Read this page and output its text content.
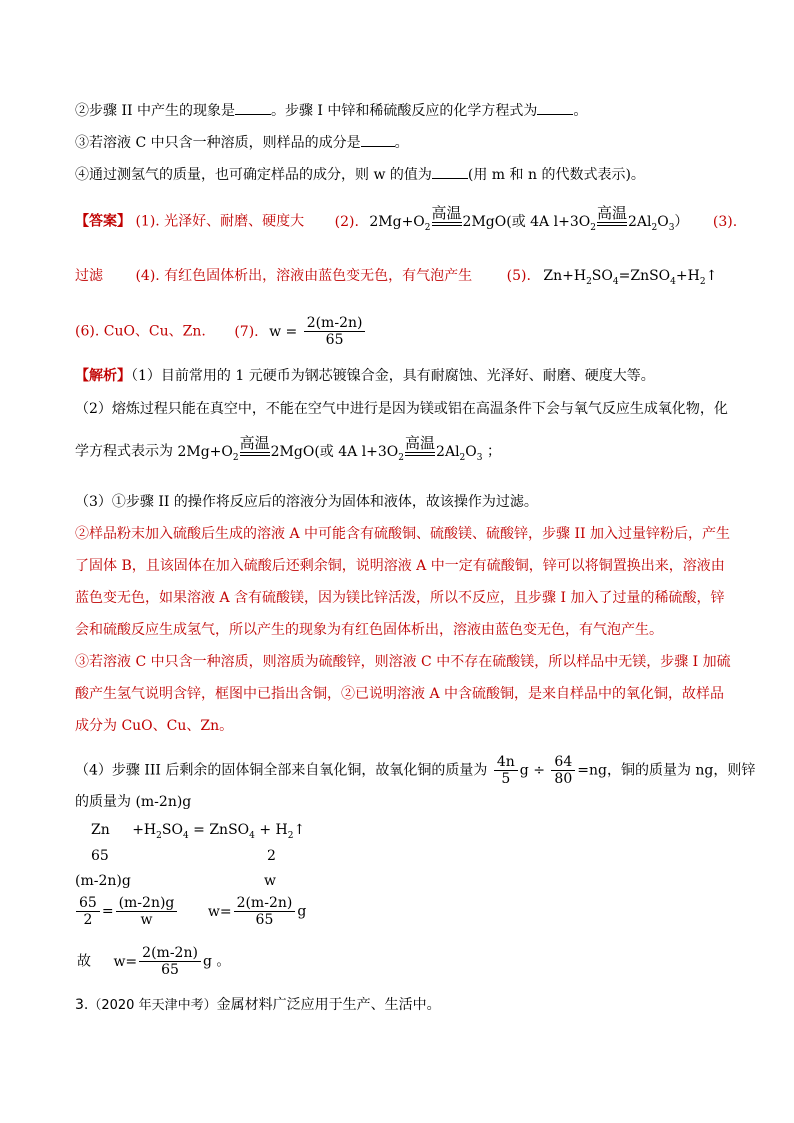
②步骤 II 中产生的现象是	。步骤 I 中锌和稀硫酸反应的化学方程式为	。
③若溶液 C 中只含一种溶质，则样品的成分是 。
④通过测氢气的质量，也可确定样品的成分，则 w 的值为	(用 m 和 n 的代数式表示)。
【答案】 (1). 光泽好、耐磨、硬度大 (2). $2Mg+O_2$
高温 2MgO(或 4A $l+3O_2$
高温 $2Al_2O_3$） (3).
过滤 (4). 有红色固体析出，溶液由蓝色变无色，有气泡产生 (5). $Zn+H_2SO_4=ZnSO_4+H_2↑$
(6). CuO、Cu、Zn. (7). $w = \frac{2(m-2n)}{65}$
【解析】（1）目前常用的 1 元硬币为钢芯镀镍合金，具有耐腐蚀、光泽好、耐磨、硬度大等。
（2）熔炼过程只能在真空中，不能在空气中进行是因为镁或铝在高温条件下会与氧气反应生成氧化物，化
学方程式表示为 $2Mg+O_2$
高温 2MgO(或 4A $l+3O_2$
高温 $2Al_2O_3$ ；
（3）①步骤 II 的操作将反应后的溶液分为固体和液体，故该操作为过滤。
②样品粉末加入硫酸后生成的溶液 A 中可能含有硫酸铜、硫酸镁、硫酸锌，步骤 II 加入过量锌粉后，产生
了固体 B，且该固体在加入硫酸后还剩余铜，说明溶液 A 中一定有硫酸铜，锌可以将铜置换出来，溶液由
蓝色变无色，如果溶液 A 含有硫酸镁，因为镁比锌活泼，所以不反应，且步骤 I 加入了过量的稀硫酸，锌
会和硫酸反应生成氢气，所以产生的现象为有红色固体析出，溶液由蓝色变无色，有气泡产生。
③若溶液 C 中只含一种溶质，则溶质为硫酸锌，则溶液 C 中不存在硫酸镁，所以样品中无镁，步骤 I 加硫
酸产生氢气说明含锌，框图中已指出含铜，②已说明溶液 A 中含硫酸铜，是来自样品中的氧化铜，故样品
成分为 CuO、Cu、Zn。
（4）步骤 III 后剩余的固体铜全部来自氧化铜，故氧化铜的质量为 $\frac{4n}{5}$ $g \div \frac{64}{80} =ng$，铜的质量为 ng，则锌
的质量为 (m-2n)g
$Zn +H_2SO_4$ = ZnSO$_4$ + $H_2↑$
65	2
(m-2n)g	w
$\frac{65}{2} = \frac{(m-2n)g}{w} w= \frac{2(m-2n)}{65}$ g
故 $w= \frac{2(m-2n)}{65}$ g 。
3.（2020 年天津中考）金属材料广泛应用于生产、生活中。
